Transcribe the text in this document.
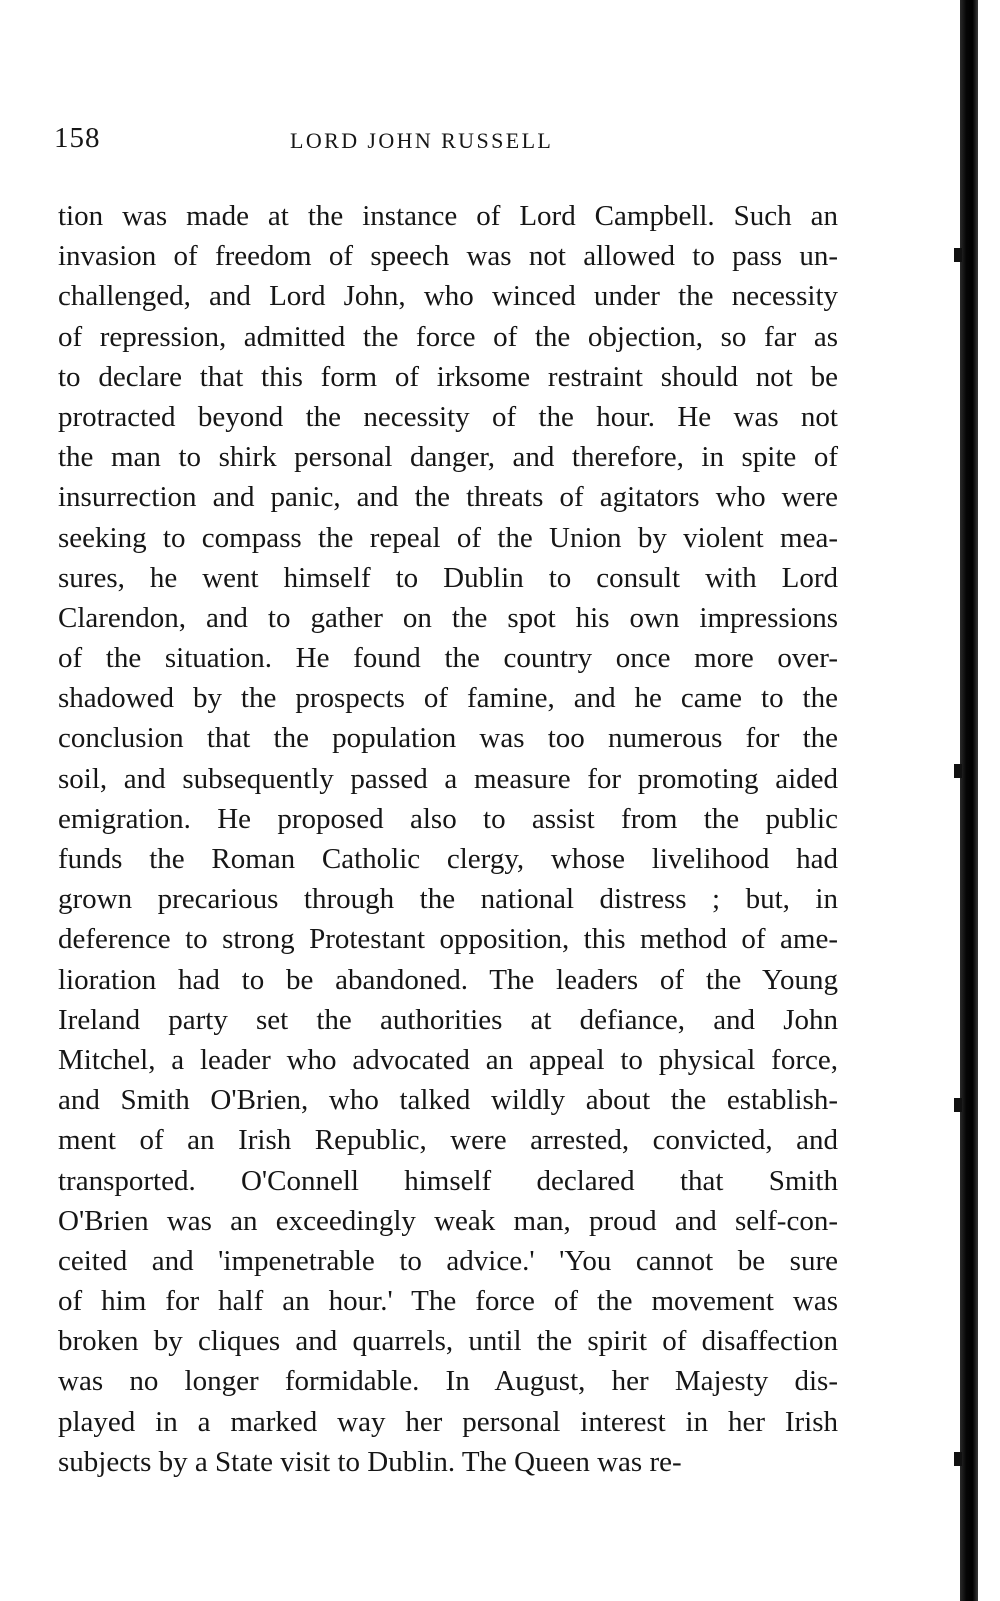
158	LORD JOHN RUSSELL
tion was made at the instance of Lord Campbell. Such an
invasion of freedom of speech was not allowed to pass un-
challenged, and Lord John, who winced under the necessity
of repression, admitted the force of the objection, so far as
to declare that this form of irksome restraint should not be
protracted beyond the necessity of the hour. He was not
the man to shirk personal danger, and therefore, in spite of
insurrection and panic, and the threats of agitators who were
seeking to compass the repeal of the Union by violent mea-
sures, he went himself to Dublin to consult with Lord
Clarendon, and to gather on the spot his own impressions
of the situation. He found the country once more over-
shadowed by the prospects of famine, and he came to the
conclusion that the population was too numerous for the
soil, and subsequently passed a measure for promoting aided
emigration. He proposed also to assist from the public
funds the Roman Catholic clergy, whose livelihood had
grown precarious through the national distress ; but, in
deference to strong Protestant opposition, this method of ame-
lioration had to be abandoned. The leaders of the Young
Ireland party set the authorities at defiance, and John
Mitchel, a leader who advocated an appeal to physical force,
and Smith O'Brien, who talked wildly about the establish-
ment of an Irish Republic, were arrested, convicted, and
transported. O'Connell himself declared that Smith
O'Brien was an exceedingly weak man, proud and self-con-
ceited and 'impenetrable to advice.' 'You cannot be sure
of him for half an hour.' The force of the movement was
broken by cliques and quarrels, until the spirit of disaffection
was no longer formidable. In August, her Majesty dis-
played in a marked way her personal interest in her Irish
subjects by a State visit to Dublin. The Queen was re-
